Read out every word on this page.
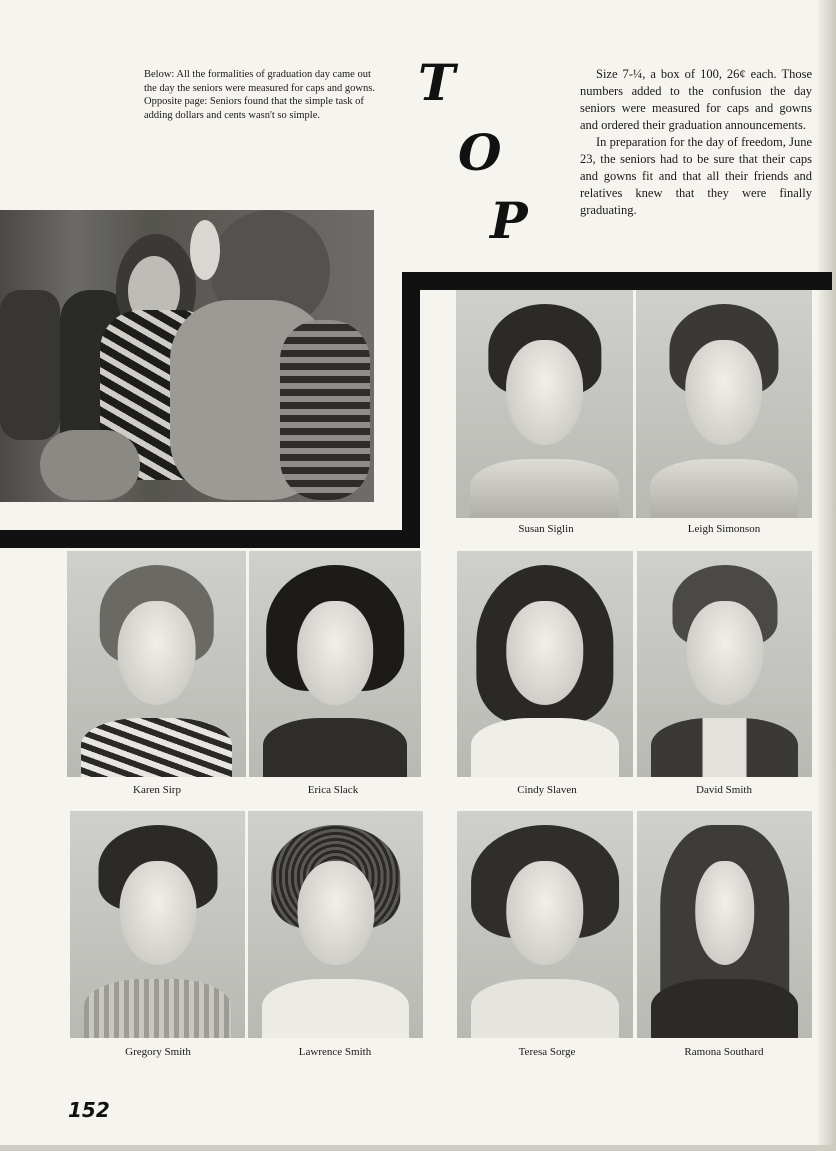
Below: All the formalities of graduation day came out the day the seniors were measured for caps and gowns.

Opposite page: Seniors found that the simple task of adding dollars and cents wasn't so simple.

T
O
P

Size 7-¼, a box of 100, 26¢ each. Those numbers added to the confusion the day seniors were measured for caps and gowns and ordered their graduation announcements.

In preparation for the day of freedom, June 23, the seniors had to be sure that their caps and gowns fit and that all their friends and relatives knew that they were finally graduating.

Susan Siglin	Leigh Simonson
Karen Sirp	Erica Slack	Cindy Slaven	David Smith
Gregory Smith	Lawrence Smith	Teresa Sorge	Ramona Southard
152
